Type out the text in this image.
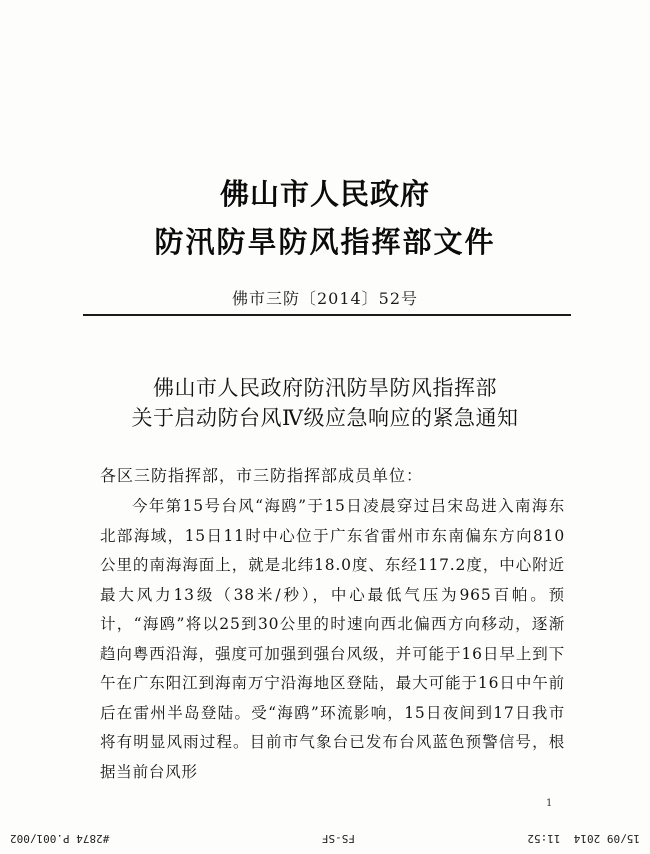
佛山市人民政府
防汛防旱防风指挥部文件
佛市三防〔2014〕52号
佛山市人民政府防汛防旱防风指挥部
关于启动防台风Ⅳ级应急响应的紧急通知
各区三防指挥部，市三防指挥部成员单位：

今年第15号台风“海鸥”于15日凌晨穿过吕宋岛进入南海东北部海域，15日11时中心位于广东省雷州市东南偏东方向810公里的南海海面上，就是北纬18.0度、东经117.2度，中心附近最大风力13级（38米/秒），中心最低气压为965百帕。预计，“海鸥”将以25到30公里的时速向西北偏西方向移动，逐渐趋向粤西沿海，强度可加强到强台风级，并可能于16日早上到下午在广东阳江到海南万宁沿海地区登陆，最大可能于16日中午前后在雷州半岛登陆。受“海鸥”环流影响，15日夜间到17日我市将有明显风雨过程。目前市气象台已发布台风蓝色预警信号，根据当前台风形

1
15/09 2014  11:52
FS-SF
#2874 P.001/002
